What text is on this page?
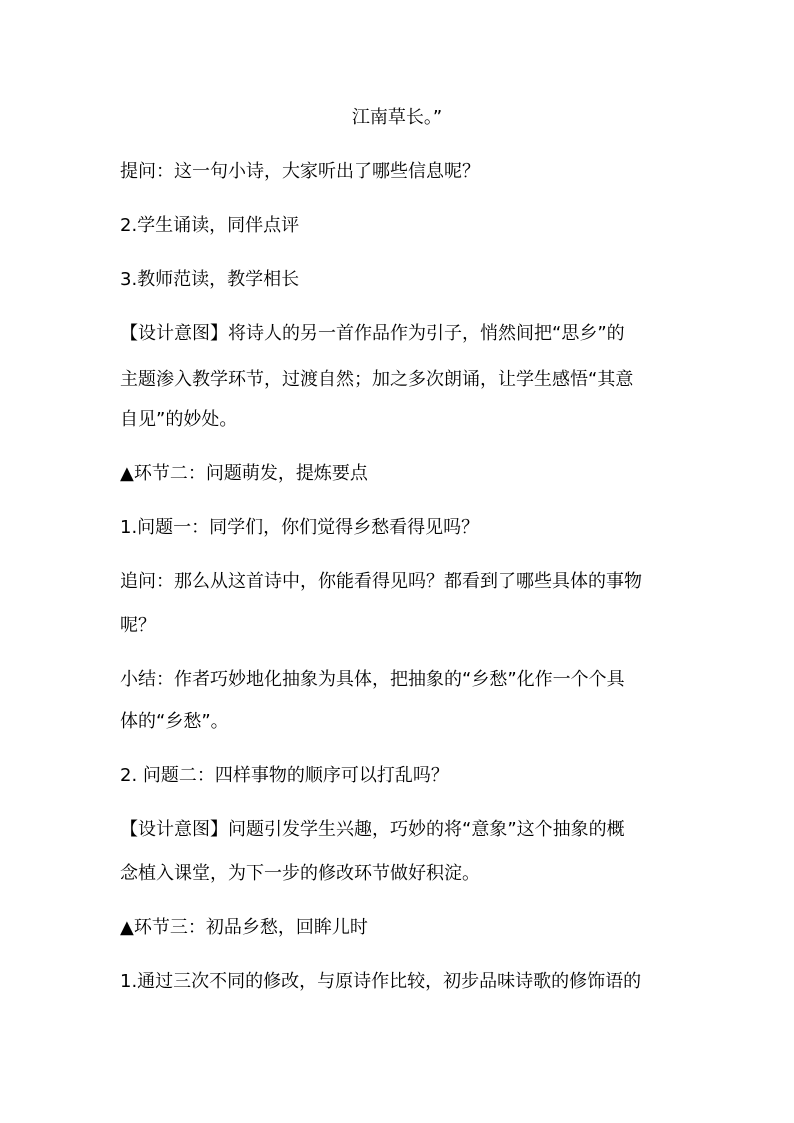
江南草长。”
提问：这一句小诗，大家听出了哪些信息呢？
2.学生诵读，同伴点评
3.教师范读，教学相长
【设计意图】将诗人的另一首作品作为引子，悄然间把“思乡”的
主题渗入教学环节，过渡自然；加之多次朗诵，让学生感悟“其意
自见”的妙处。
▲环节二：问题萌发，提炼要点
1.问题一：同学们，你们觉得乡愁看得见吗？
追问：那么从这首诗中，你能看得见吗？都看到了哪些具体的事物
呢？
小结：作者巧妙地化抽象为具体，把抽象的“乡愁”化作一个个具
体的“乡愁”。
2. 问题二：四样事物的顺序可以打乱吗？
【设计意图】问题引发学生兴趣，巧妙的将“意象”这个抽象的概
念植入课堂，为下一步的修改环节做好积淀。
▲环节三：初品乡愁，回眸儿时
1.通过三次不同的修改，与原诗作比较，初步品味诗歌的修饰语的
